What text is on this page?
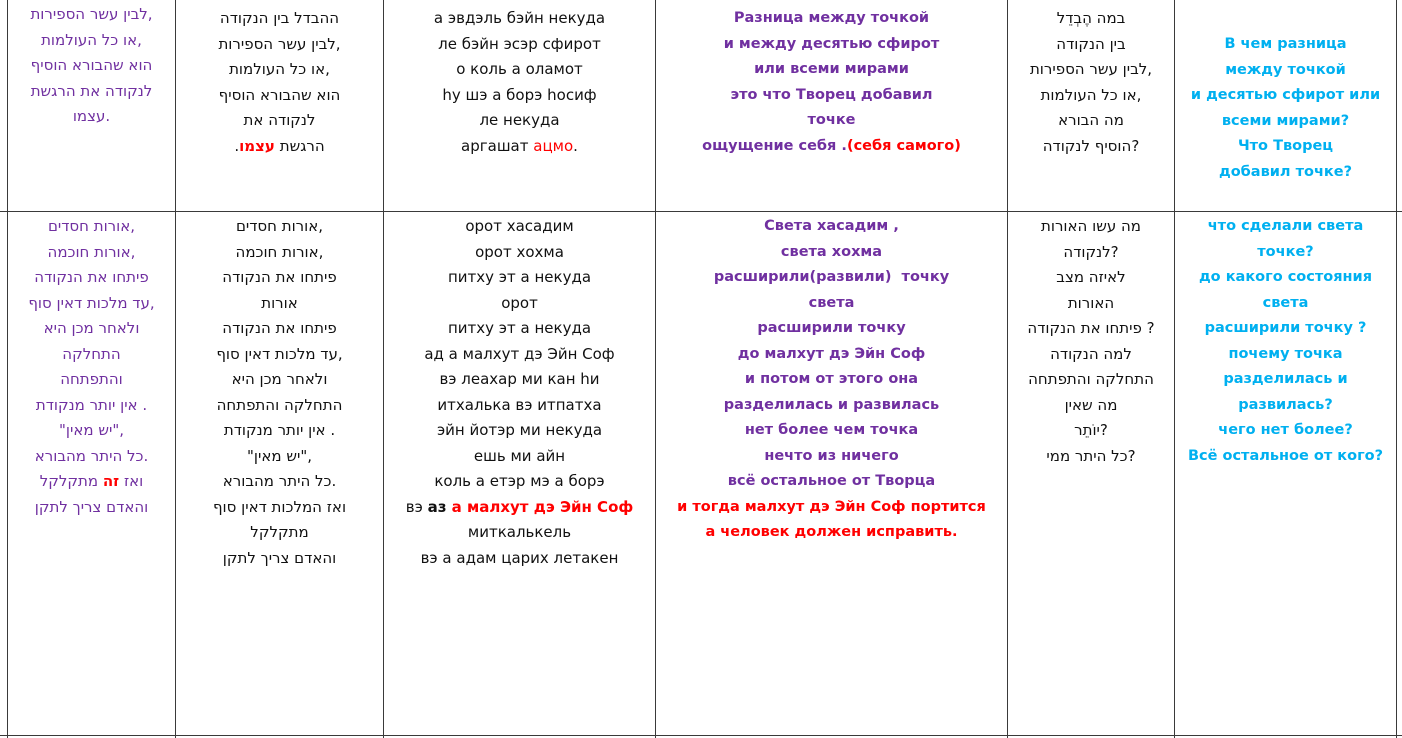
לבין עשר הספירות,
או כל העולמות,
הוא שהבורא הוסיף
לנקודה את הרגשת
עצמו.
ההבדל בין הנקודה
לבין עשר הספירות,
או כל העולמות,
הוא שהבורא הוסיף
לנקודה את
הרגשת עצמו.
а эвдэль бэйн некуда
ле бэйн эсэр сфирот
о коль а оламот
hу шэ а борэ hосиф
ле некуда
аргашат ацмо.
Разница между точкой
и между десятью сфирот
или всеми мирами
это что Творец добавил
точке
ощущение себя .(себя самого)
במה הֶבְדֵל
בין הנקודה
לבין עשר הספירות,
או כל העולמות,
מה הבורא
הוסיף לנקודה?
В чем разница
между точкой
и десятью сфирот или
всеми мирами?
Что Творец
добавил точке?
אורות חסדים,
אורות חוכמה,
פיתחו את הנקודה
עד מלכות דאין סוף,
ולאחר מכן היא
התחלקה
והתפתחה
אין יותר מנקודת .
"יש מאין",
כל היתר מהבורא.
ואז זה מתקלקל
והאדם צריך לתקן
אורות חסדים,
אורות חוכמה,
פיתחו את הנקודה
אורות
פיתחו את הנקודה
עד מלכות דאין סוף,
ולאחר מכן היא
התחלקה והתפתחה
אין יותר מנקודת .
"יש מאין",
כל היתר מהבורא.
ואז המלכות דאין סוף
מתקלקל
והאדם צריך לתקן
орот хасадим
орот хохма
питху эт а некуда
орот
питху эт а некуда
ад а малхут дэ Эйн Соф
вэ леахар ми кан hи
итхалька вэ итпатха
эйн йотэр ми некуда
ешь ми айн
коль а етэр мэ а борэ
вэ аз а малхут дэ Эйн Соф
миткалькель
вэ а адам царих летакен
Света хасадим ,
света хохма
расширили(развили)  точку
света
расширили точку
до малхут дэ Эйн Соф
и потом от этого она
разделилась и развилась
нет более чем точка
нечто из ничего
всё остальное от Творца
и тогда малхут дэ Эйн Соф портится
а человек должен исправить.
מה עשו האורות
לנקודה?
לאיזה מצב
האורות
פיתחו את הנקודה ?
למה הנקודה
התחלקה והתפתחה
מה שאין
יוֹתֵר?
כל היתר ממי?
что сделали света
точке?
до какого состояния
света
расширили точку ?
почему точка
разделилась и
развилась?
чего нет более?
Всё остальное от кого?
